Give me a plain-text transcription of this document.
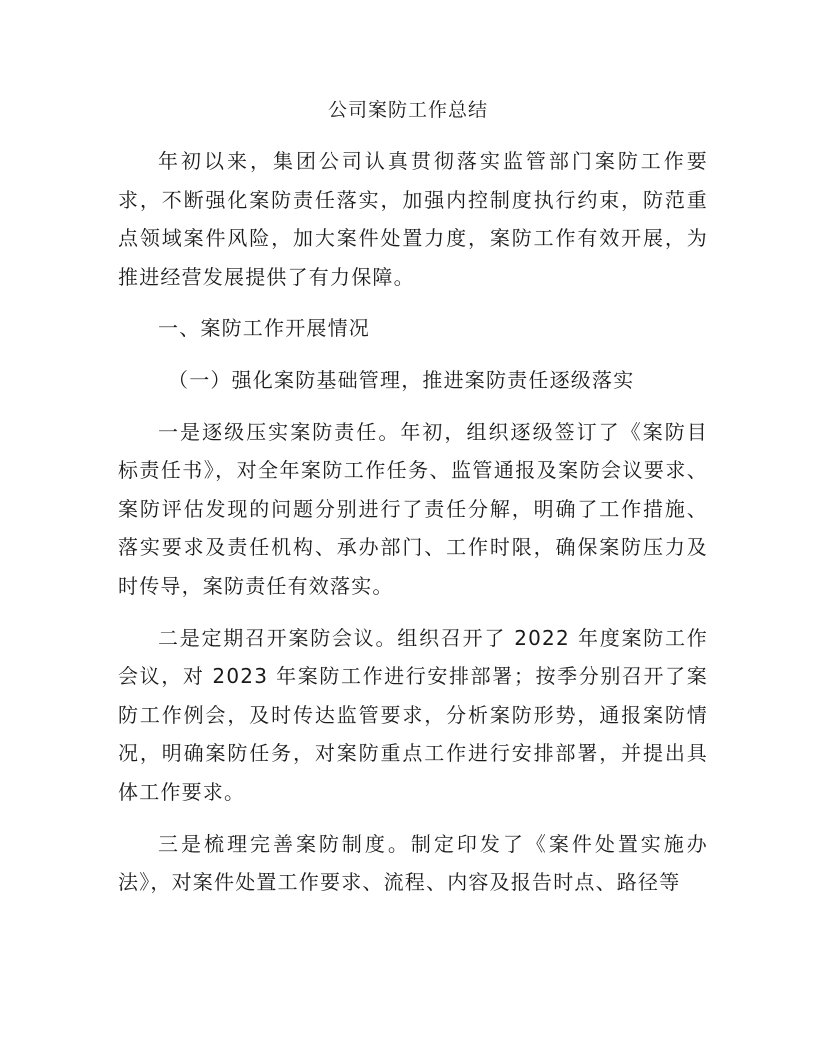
公司案防工作总结

年初以来，集团公司认真贯彻落实监管部门案防工作要求，不断强化案防责任落实，加强内控制度执行约束，防范重点领域案件风险，加大案件处置力度，案防工作有效开展，为推进经营发展提供了有力保障。

一、案防工作开展情况

（一）强化案防基础管理，推进案防责任逐级落实

一是逐级压实案防责任。年初，组织逐级签订了《案防目标责任书》，对全年案防工作任务、监管通报及案防会议要求、案防评估发现的问题分别进行了责任分解，明确了工作措施、落实要求及责任机构、承办部门、工作时限，确保案防压力及时传导，案防责任有效落实。

二是定期召开案防会议。组织召开了 2022 年度案防工作会议，对 2023 年案防工作进行安排部署；按季分别召开了案防工作例会，及时传达监管要求，分析案防形势，通报案防情况，明确案防任务，对案防重点工作进行安排部署，并提出具体工作要求。

三是梳理完善案防制度。制定印发了《案件处置实施办法》，对案件处置工作要求、流程、内容及报告时点、路径等
